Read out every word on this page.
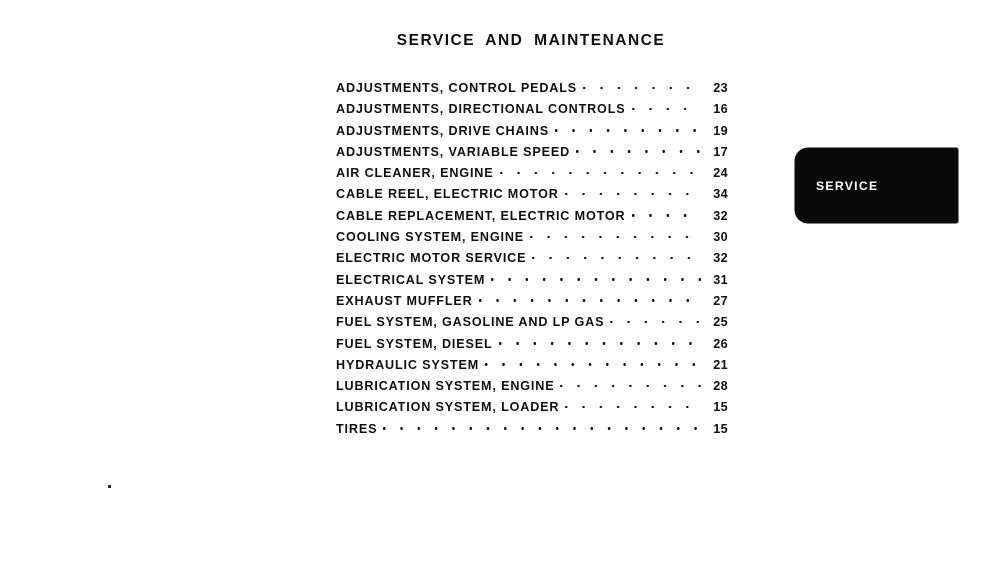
SERVICE AND MAINTENANCE
ADJUSTMENTS, CONTROL PEDALS	23
ADJUSTMENTS, DIRECTIONAL CONTROLS	16
ADJUSTMENTS, DRIVE CHAINS	19
ADJUSTMENTS, VARIABLE SPEED	17
AIR CLEANER, ENGINE	24
CABLE REEL, ELECTRIC MOTOR	34
CABLE REPLACEMENT, ELECTRIC MOTOR	32
COOLING SYSTEM, ENGINE	30
ELECTRIC MOTOR SERVICE	32
ELECTRICAL SYSTEM	31
EXHAUST MUFFLER	27
FUEL SYSTEM, GASOLINE AND LP GAS	25
FUEL SYSTEM, DIESEL	26
HYDRAULIC SYSTEM	21
LUBRICATION SYSTEM, ENGINE	28
LUBRICATION SYSTEM, LOADER	15
TIRES	15
SERVICE
